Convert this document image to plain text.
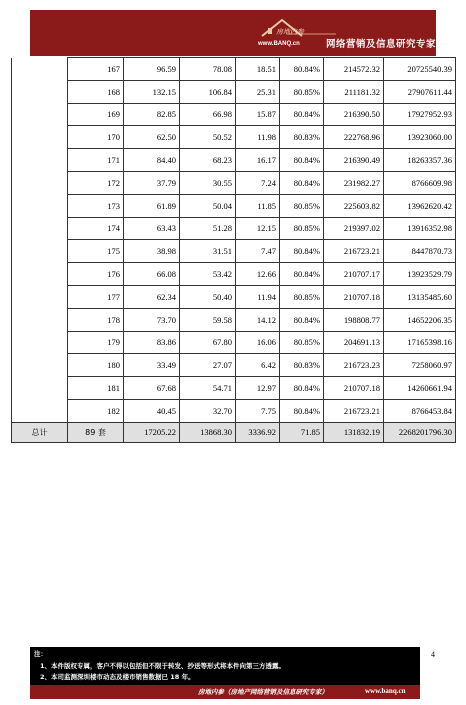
房地内参
www.BANQ.cn	网络营销及信息研究专家
	167	96.59	78.08	18.51	80.84%	214572.32	20725540.39
	168	132.15	106.84	25.31	80.85%	211181.32	27907611.44
	169	82.85	66.98	15.87	80.84%	216390.50	17927952.93
	170	62.50	50.52	11.98	80.83%	222768.96	13923060.00
	171	84.40	68.23	16.17	80.84%	216390.49	18263357.36
	172	37.79	30.55	7.24	80.84%	231982.27	8766609.98
	173	61.89	50.04	11.85	80.85%	225603.82	13962620.42
	174	63.43	51.28	12.15	80.85%	219397.02	13916352.98
	175	38.98	31.51	7.47	80.84%	216723.21	8447870.73
	176	66.08	53.42	12.66	80.84%	210707.17	13923529.79
	177	62.34	50.40	11.94	80.85%	210707.18	13135485.60
	178	73.70	59.58	14.12	80.84%	198808.77	14652206.35
	179	83.86	67.80	16.06	80.85%	204691.13	17165398.16
	180	33.49	27.07	6.42	80.83%	216723.23	7258060.97
	181	67.68	54.71	12.97	80.84%	210707.18	14260661.94
	182	40.45	32.70	7.75	80.84%	216723.21	8766453.84
总计	89 套	17205.22	13868.30	3336.92	71.85	131832.19	2268201796.30
4
注：
1、本件版权专属，客户不得以包括但不限于转发、抄送等形式将本件向第三方透露。
2、本司监测深圳楼市动态及楼市销售数据已 18 年。
房地内参（房地产网络营销及信息研究专家）	www.banq.cn
